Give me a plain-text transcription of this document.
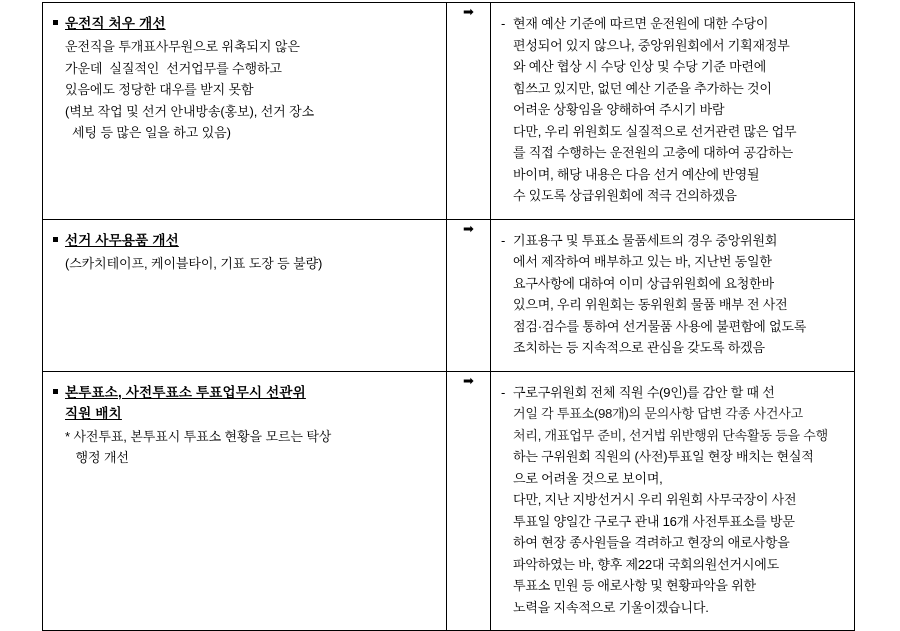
운전직 처우 개선
운전직을 투개표사무원으로 위촉되지 않은
가운데  실질적인  선거업무를 수행하고
있음에도 정당한 대우를 받지 못함
(벽보 작업 및 선거 안내방송(홍보), 선거 장소
세팅 등 많은 일을 하고 있음)
	➡	
- 현재 예산 기준에 따르면 운전원에 대한 수당이
편성되어 있지 않으나, 중앙위원회에서 기획재정부
와 예산 협상 시 수당 인상 및 수당 기준 마련에
힘쓰고 있지만, 없던 예산 기준을 추가하는 것이
어려운 상황임을 양해하여 주시기 바람
다만, 우리 위원회도 실질적으로 선거관련 많은 업무
를 직접 수행하는 운전원의 고충에 대하여 공감하는
바이며, 해당 내용은 다음 선거 예산에 반영될
수 있도록 상급위원회에 적극 건의하겠음

선거 사무용품 개선
(스카치테이프, 케이블타이, 기표 도장 등 불량)
	➡	
- 기표용구 및 투표소 물품세트의 경우 중앙위원회
에서 제작하여 배부하고 있는 바, 지난번 동일한
요구사항에 대하여 이미 상급위원회에 요청한바
있으며, 우리 위원회는 동위원회 물품 배부 전 사전
점검·검수를 통하여 선거물품 사용에 불편함에 없도록
조치하는 등 지속적으로 관심을 갖도록 하겠음

본투표소, 사전투표소 투표업무시 선관위
직원 배치
* 사전투표, 본투표시 투표소 현황을 모르는 탁상
행정 개선
	➡	
- 구로구위원회 전체 직원 수(9인)를 감안 할 때 선
거일 각 투표소(98개)의 문의사항 답변 각종 사건사고
처리, 개표업무 준비, 선거법 위반행위 단속활동 등을 수행
하는 구위원회 직원의 (사전)투표일 현장 배치는 현실적
으로 어려울 것으로 보이며,
다만, 지난 지방선거시 우리 위원회 사무국장이 사전
투표일 양일간 구로구 관내 16개 사전투표소를 방문
하여 현장 종사원들을 격려하고 현장의 애로사항을
파악하였는 바, 향후 제22대 국회의원선거시에도
투표소 민원 등 애로사항 및 현황파악을 위한
노력을 지속적으로 기울이겠습니다.
